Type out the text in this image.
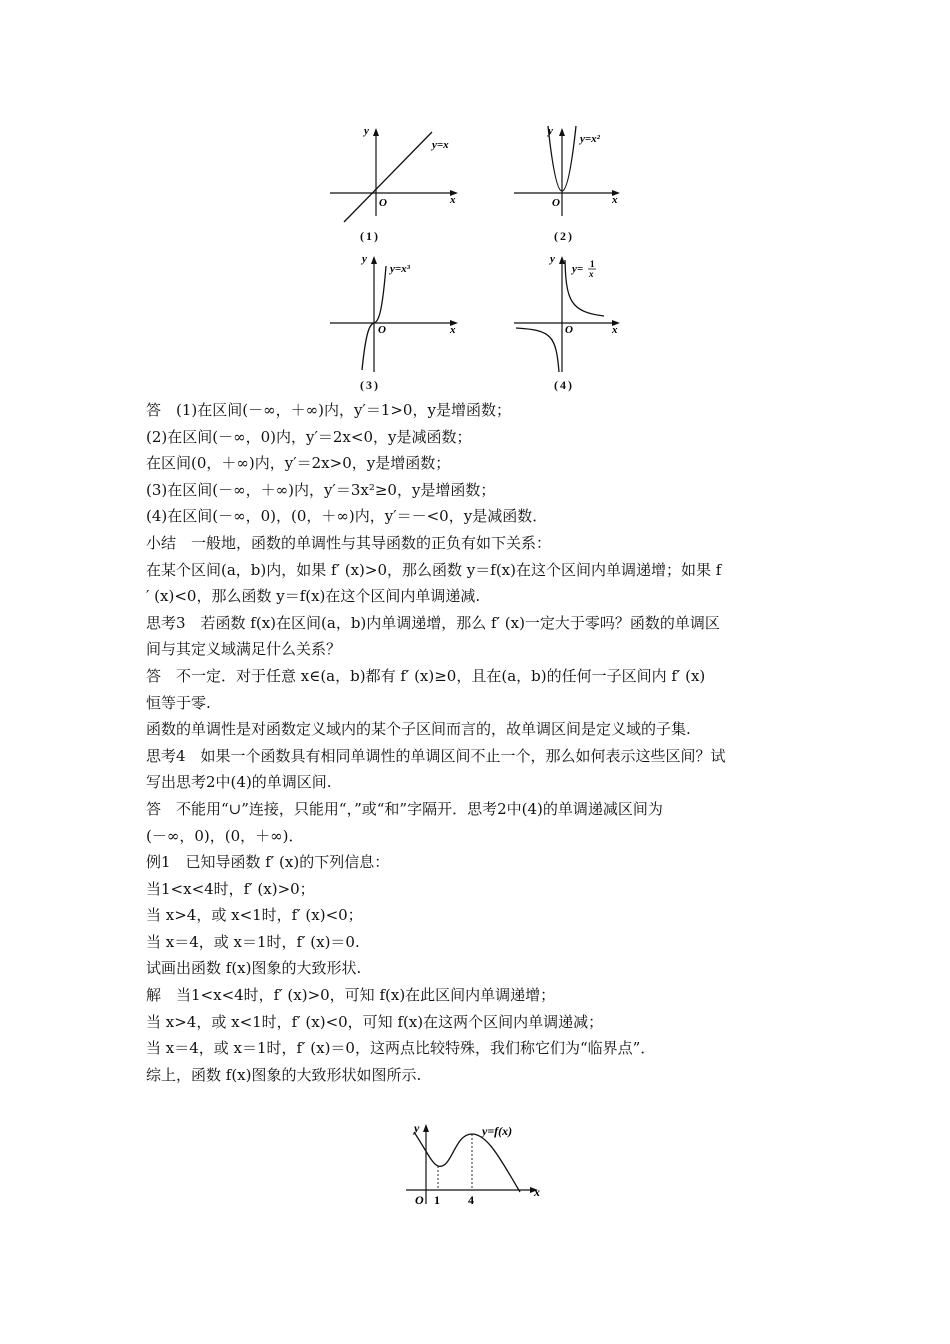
y
x
O
y=x
(1)
y
x
O
y=x²
(2)
y
x
O
y=x³
(3)
y
x
O
y= 1
x
(4)
答　(1)在区间(－∞，＋∞)内，y′＝1>0，y是增函数；
(2)在区间(－∞，0)内，y′＝2x<0，y是减函数；
在区间(0，＋∞)内，y′＝2x>0，y是增函数；
(3)在区间(－∞，＋∞)内，y′＝3x²≥0，y是增函数；
(4)在区间(－∞，0)，(0，＋∞)内，y′＝－<0，y是减函数．
小结　一般地，函数的单调性与其导函数的正负有如下关系：
在某个区间(a，b)内，如果 f′ (x)>0，那么函数 y＝f(x)在这个区间内单调递增；如果 f
′ (x)<0，那么函数 y＝f(x)在这个区间内单调递减.
思考3　若函数 f(x)在区间(a，b)内单调递增，那么 f′ (x)一定大于零吗？函数的单调区
间与其定义域满足什么关系？
答　不一定．对于任意 x∈(a，b)都有 f′ (x)≥0，且在(a，b)的任何一子区间内 f′ (x)
恒等于零.
函数的单调性是对函数定义域内的某个子区间而言的，故单调区间是定义域的子集.
思考4　如果一个函数具有相同单调性的单调区间不止一个，那么如何表示这些区间？试
写出思考2中(4)的单调区间.
答　不能用“∪”连接，只能用“，”或“和”字隔开．思考2中(4)的单调递减区间为
(－∞，0)，(0，＋∞)．
例1　已知导函数 f′ (x)的下列信息：
当1<x<4时，f′ (x)>0；
当 x>4，或 x<1时，f′ (x)<0；
当 x＝4，或 x＝1时，f′ (x)＝0.
试画出函数 f(x)图象的大致形状.
解　当1<x<4时，f′ (x)>0，可知 f(x)在此区间内单调递增；
当 x>4，或 x<1时，f′ (x)<0，可知 f(x)在这两个区间内单调递减；
当 x＝4，或 x＝1时，f′ (x)＝0，这两点比较特殊，我们称它们为“临界点”．
综上，函数 f(x)图象的大致形状如图所示.
y
x
O 1 4
y=f(x)
